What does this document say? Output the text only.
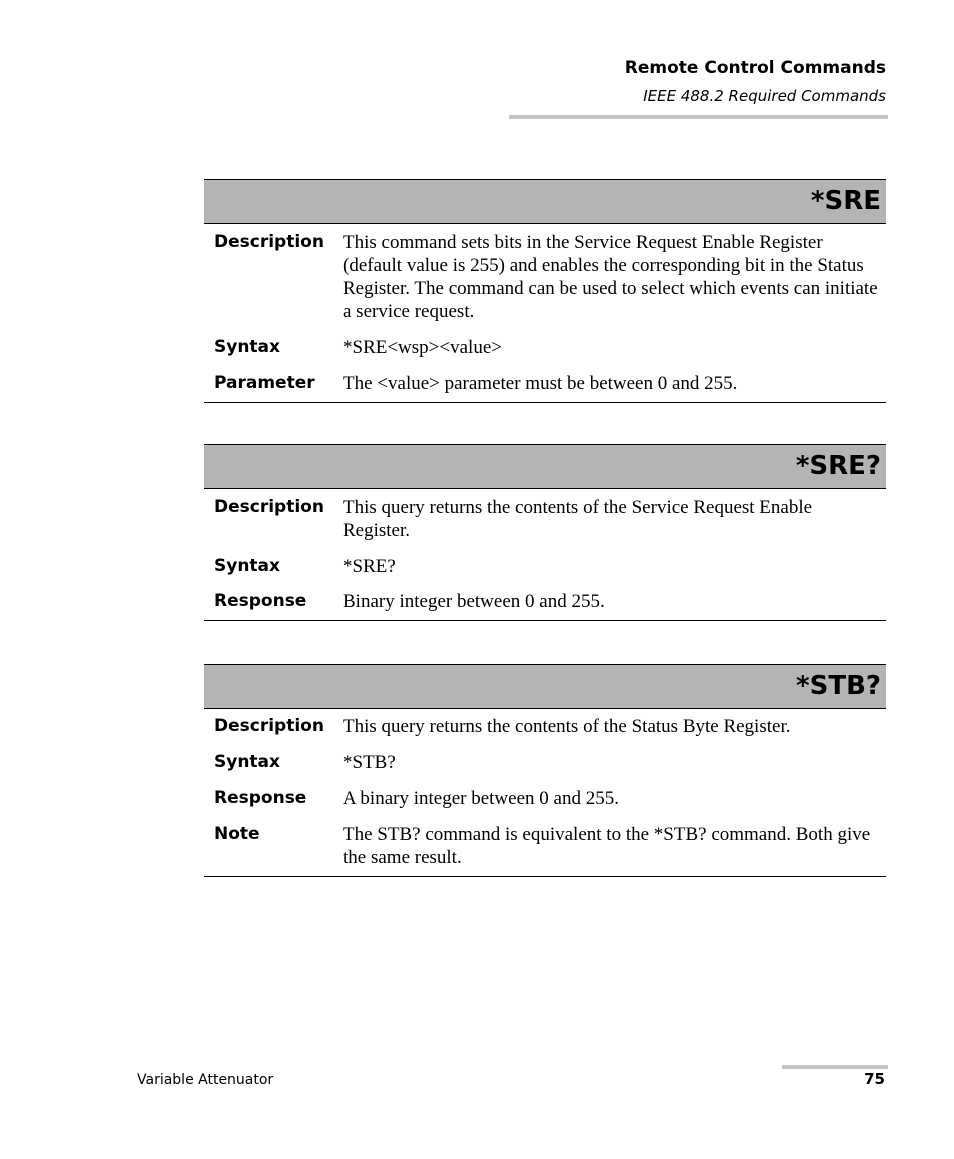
Remote Control Commands
IEEE 488.2 Required Commands
*SRE
Description	This command sets bits in the Service Request Enable Register (default value is 255) and enables the corresponding bit in the Status Register. The command can be used to select which events can initiate a service request.
Syntax	*SRE<wsp><value>
Parameter	The <value> parameter must be between 0 and 255.
*SRE?
Description	This query returns the contents of the Service Request Enable Register.
Syntax	*SRE?
Response	Binary integer between 0 and 255.
*STB?
Description	This query returns the contents of the Status Byte Register.
Syntax	*STB?
Response	A binary integer between 0 and 255.
Note	The STB? command is equivalent to the *STB? command. Both give the same result.
Variable Attenuator	75
